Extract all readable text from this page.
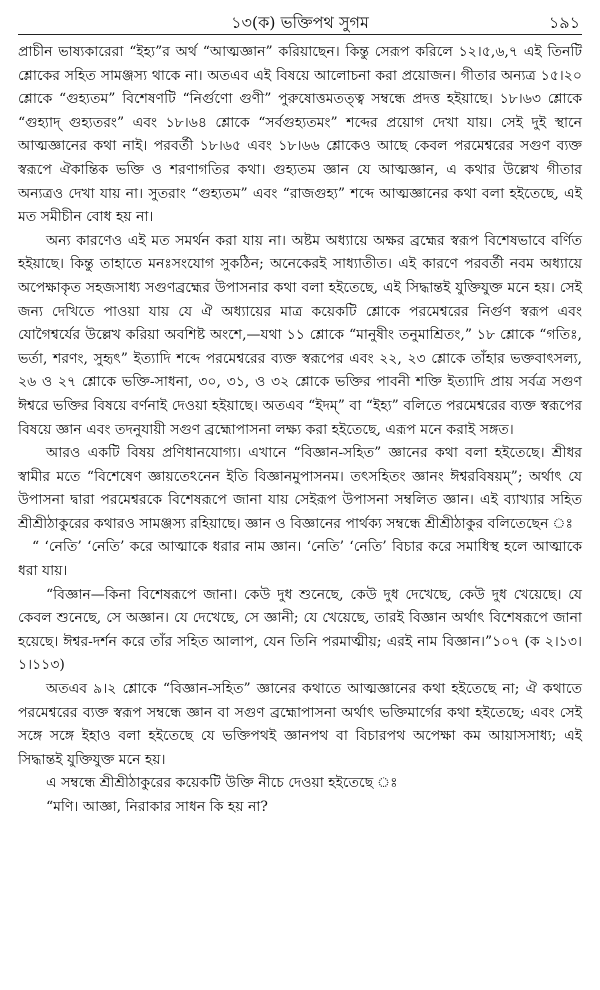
১৩(ক) ভক্তিপথ সুগম	১৯১

প্রাচীন ভাষ্যকারেরা “ইহ্য”র অর্থ “আত্মজ্ঞান” করিয়াছেন। কিন্তু সেরূপ করিলে ১২।৫,৬,৭ এই তিনটি শ্লোকের সহিত সামঞ্জস্য থাকে না। অতএব এই বিষয়ে আলোচনা করা প্রয়োজন। গীতার অন্যত্র ১৫।২০ শ্লোকে “গুহ্যতম” বিশেষণটি “নির্গুণো গুণী” পুরুষোত্তমতত্ত্ব সম্বন্ধে প্রদত্ত হইয়াছে। ১৮।৬৩ শ্লোকে “গুহ্যাদ্ গুহ্যতরং” এবং ১৮।৬৪ শ্লোকে “সর্বগুহ্যতমং” শব্দের প্রয়োগ দেখা যায়। সেই দুই স্থানে আত্মজ্ঞানের কথা নাই। পরবর্তী ১৮।৬৫ এবং ১৮।৬৬ শ্লোকেও আছে কেবল পরমেশ্বরের সগুণ ব্যক্ত স্বরূপে ঐকান্তিক ভক্তি ও শরণাগতির কথা। গুহ্যতম জ্ঞান যে আত্মজ্ঞান, এ কথার উল্লেখ গীতার অন্যত্রও দেখা যায় না। সুতরাং “গুহ্যতম” এবং “রাজগুহ্য” শব্দে আত্মজ্ঞানের কথা বলা হইতেছে, এই মত সমীচীন বোধ হয় না।

অন্য কারণেও এই মত সমর্থন করা যায় না। অষ্টম অধ্যায়ে অক্ষর ব্রহ্মের স্বরূপ বিশেষভাবে বর্ণিত হইয়াছে। কিন্তু তাহাতে মনঃসংযোগ সুকঠিন; অনেকেরই সাধ্যাতীত। এই কারণে পরবর্তী নবম অধ্যায়ে অপেক্ষাকৃত সহজসাধ্য সগুণব্রহ্মের উপাসনার কথা বলা হইতেছে, এই সিদ্ধান্তই যুক্তিযুক্ত মনে হয়। সেই জন্য দেখিতে পাওয়া যায় যে ঐ অধ্যায়ের মাত্র কয়েকটি শ্লোকে পরমেশ্বরের নির্গুণ স্বরূপ এবং যোগৈশ্বর্যের উল্লেখ করিয়া অবশিষ্ট অংশে,—যথা ১১ শ্লোকে “মানুষীং তনুমাশ্রিতং,” ১৮ শ্লোকে “গতিঃ, ভর্তা, শরণং, সুহৃৎ” ইত্যাদি শব্দে পরমেশ্বরের ব্যক্ত স্বরূপের এবং ২২, ২৩ শ্লোকে তাঁহার ভক্তবাৎসল্য, ২৬ ও ২৭ শ্লোকে ভক্তি-সাধনা, ৩০, ৩১, ও ৩২ শ্লোকে ভক্তির পাবনী শক্তি ইত্যাদি প্রায় সর্বত্র সগুণ ঈশ্বরে ভক্তির বিষয়ে বর্ণনাই দেওয়া হইয়াছে। অতএব “ইদম্” বা “ইহ্য” বলিতে পরমেশ্বরের ব্যক্ত স্বরূপের বিষয়ে জ্ঞান এবং তদনুযায়ী সগুণ ব্রহ্মোপাসনা লক্ষ্য করা হইতেছে, এরূপ মনে করাই সঙ্গত।

আরও একটি বিষয় প্রণিধানযোগ্য। এখানে “বিজ্ঞান-সহিত” জ্ঞানের কথা বলা হইতেছে। শ্রীধর স্বামীর মতে “বিশেষেণ জ্ঞায়তেঽনেন ইতি বিজ্ঞানমুপাসনম। তৎসহিতং জ্ঞানং ঈশ্বরবিষয়ম্”; অর্থাৎ যে উপাসনা দ্বারা পরমেশ্বরকে বিশেষরূপে জানা যায় সেইরূপ উপাসনা সম্বলিত জ্ঞান। এই ব্যাখ্যার সহিত শ্রীশ্রীঠাকুরের কথারও সামঞ্জস্য রহিয়াছে। জ্ঞান ও বিজ্ঞানের পার্থক্য সম্বন্ধে শ্রীশ্রীঠাকুর বলিতেছেন ঃ

“ ‘নেতি’ ‘নেতি’ করে আত্মাকে ধরার নাম জ্ঞান। ‘নেতি’ ‘নেতি’ বিচার করে সমাধিস্থ হলে আত্মাকে ধরা যায়।

“বিজ্ঞান—কিনা বিশেষরূপে জানা। কেউ দুধ শুনেছে, কেউ দুধ দেখেছে, কেউ দুধ খেয়েছে। যে কেবল শুনেছে, সে অজ্ঞান। যে দেখেছে, সে জ্ঞানী; যে খেয়েছে, তারই বিজ্ঞান অর্থাৎ বিশেষরূপে জানা হয়েছে। ঈশ্বর-দর্শন করে তাঁর সহিত আলাপ, যেন তিনি পরমাত্মীয়; এরই নাম বিজ্ঞান।”১০৭ (ক ২।১৩।১।১১৩)

অতএব ৯।২ শ্লোকে “বিজ্ঞান-সহিত” জ্ঞানের কথাতে আত্মজ্ঞানের কথা হইতেছে না; ঐ কথাতে পরমেশ্বরের ব্যক্ত স্বরূপ সম্বন্ধে জ্ঞান বা সগুণ ব্রহ্মোপাসনা অর্থাৎ ভক্তিমার্গের কথা হইতেছে; এবং সেই সঙ্গে সঙ্গে ইহাও বলা হইতেছে যে ভক্তিপথই জ্ঞানপথ বা বিচারপথ অপেক্ষা কম আয়াসসাধ্য; এই সিদ্ধান্তই যুক্তিযুক্ত মনে হয়।

এ সম্বন্ধে শ্রীশ্রীঠাকুরের কয়েকটি উক্তি নীচে দেওয়া হইতেছে ঃ

“মণি। আজ্ঞা, নিরাকার সাধন কি হয় না?
